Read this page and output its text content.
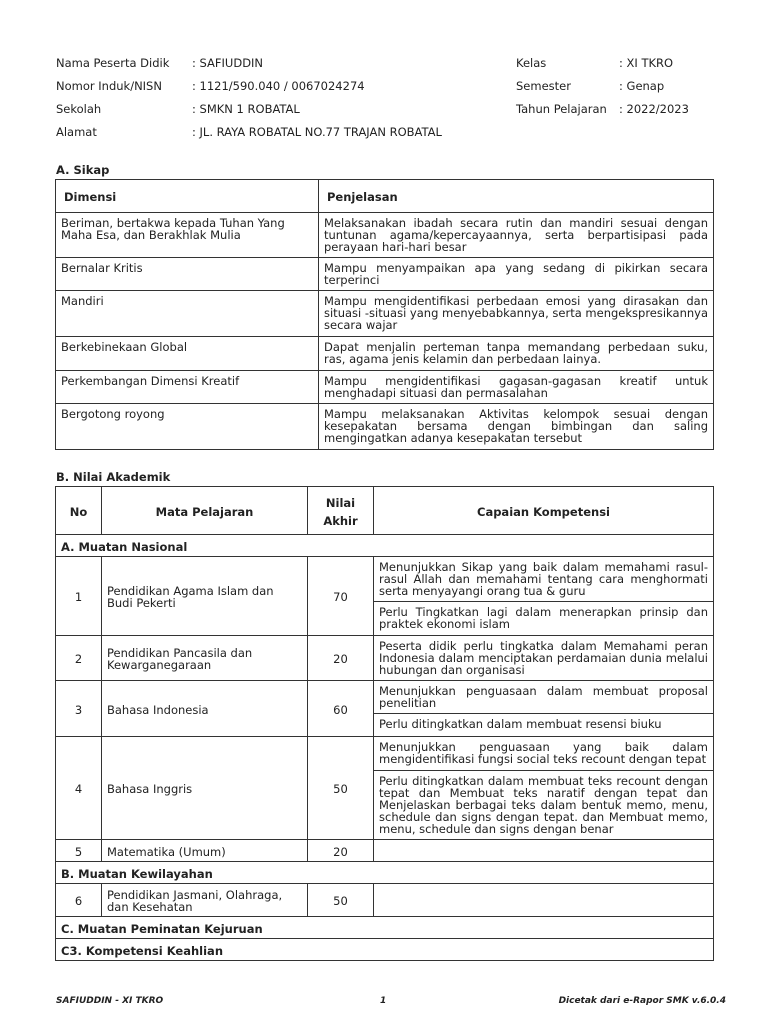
Nama Peserta Didik : SAFIUDDIN	Kelas	: XI TKRO
Nomor Induk/NISN	: 1121/590.040 / 0067024274	Semester	: Genap
Sekolah	: SMKN 1 ROBATAL	Tahun Pelajaran : 2022/2023
Alamat	: JL. RAYA ROBATAL NO.77 TRAJAN ROBATAL
A. Sikap
Dimensi	Penjelasan
Beriman, bertakwa kepada Tuhan Yang Maha Esa, dan Berakhlak Mulia	Melaksanakan ibadah secara rutin dan mandiri sesuai dengan tuntunan agama/kepercayaannya, serta berpartisipasi pada perayaan hari-hari besar
Bernalar Kritis	Mampu menyampaikan apa yang sedang di pikirkan secara terperinci
Mandiri	Mampu mengidentifikasi perbedaan emosi yang dirasakan dan situasi -situasi yang menyebabkannya, serta mengekspresikannya secara wajar
Berkebinekaan Global	Dapat menjalin perteman tanpa memandang perbedaan suku, ras, agama jenis kelamin dan perbedaan lainya.
Perkembangan Dimensi Kreatif	Mampu mengidentifikasi gagasan-gagasan kreatif untuk menghadapi situasi dan permasalahan
Bergotong royong	Mampu melaksanakan Aktivitas kelompok sesuai dengan kesepakatan bersama dengan bimbingan dan saling mengingatkan adanya kesepakatan tersebut
B. Nilai Akademik
No	Mata Pelajaran	Nilai Akhir	Capaian Kompetensi
A. Muatan Nasional			
1	Pendidikan Agama Islam dan Budi Pekerti	70	Menunjukkan Sikap yang baik dalam memahami rasul-rasul Allah dan memahami tentang cara menghormati serta menyayangi orang tua & guru
			Perlu Tingkatkan lagi dalam menerapkan prinsip dan praktek ekonomi islam
2	Pendidikan Pancasila dan Kewarganegaraan	20	Peserta didik perlu tingkatka dalam Memahami peran Indonesia dalam menciptakan perdamaian dunia melalui hubungan dan organisasi
3	Bahasa Indonesia	60	Menunjukkan penguasaan dalam membuat proposal penelitian
			Perlu ditingkatkan dalam membuat resensi biuku
4	Bahasa Inggris	50	Menunjukkan penguasaan yang baik dalam mengidentifikasi fungsi social teks recount dengan tepat
			Perlu ditingkatkan dalam membuat teks recount dengan tepat dan Membuat teks naratif dengan tepat dan Menjelaskan berbagai teks dalam bentuk memo, menu, schedule dan signs dengan tepat. dan Membuat memo, menu, schedule dan signs dengan benar
5	Matematika (Umum)	20	
B. Muatan Kewilayahan			
6	Pendidikan Jasmani, Olahraga, dan Kesehatan	50	
C. Muatan Peminatan Kejuruan			
C3. Kompetensi Keahlian			
SAFIUDDIN - XI TKRO	1	Dicetak dari e-Rapor SMK v.6.0.4
